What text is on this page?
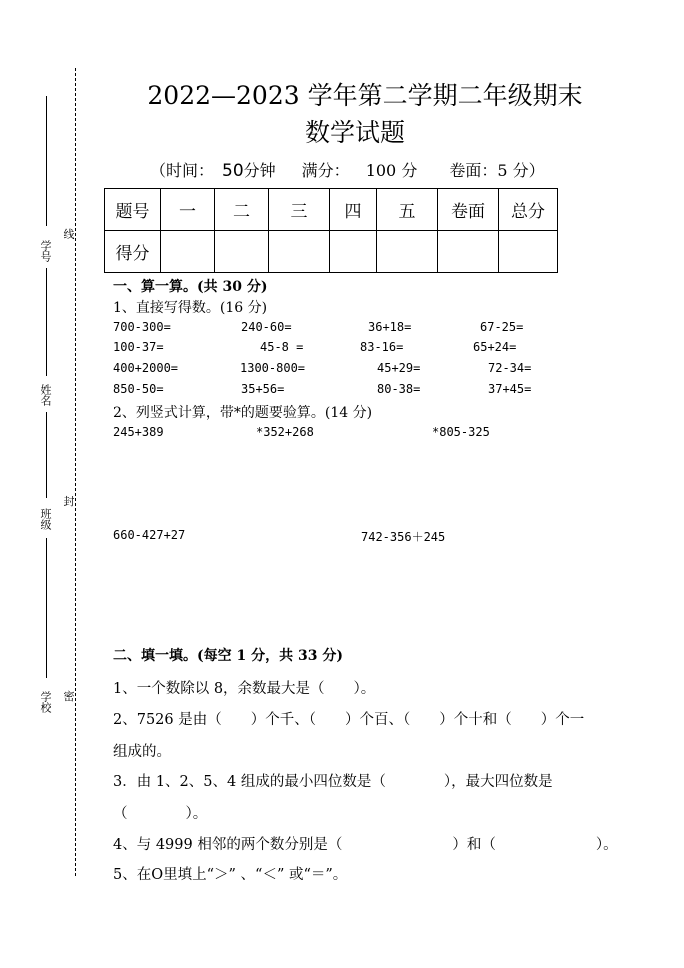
学号
姓名
班级
学校
线
封
密
2022—2023 学年第二学期二年级期末
数学试题
（时间： 50分钟 满分： 100 分 卷面：5 分）
题号	一	二	三	四	五	卷面	总分
得分							
一、算一算。(共 30 分)
1、直接写得数。(16 分)
700-300=	240-60=	36+18=	67-25=
100-37=	45-8 =	83-16=	65+24=
400+2000=	1300-800=	45+29=	72-34=
850-50=	35+56=	80-38=	37+45=
2、列竖式计算，带*的题要验算。(14 分)
245+389	*352+268	*805-325
660-427+27	742-356＋245
二、填一填。(每空 1 分，共 33 分)
1、一个数除以 8，余数最大是（　　）。
2、7526 是由（　　）个千、（　　）个百、（　　）个十和（　　）个一
组成的。
3．由 1、2、5、4 组成的最小四位数是（　　　　），最大四位数是
（　　　　）。
4、与 4999 相邻的两个数分别是（	）和（	）。
5、在O里填上“＞” 、“＜” 或“＝”。
